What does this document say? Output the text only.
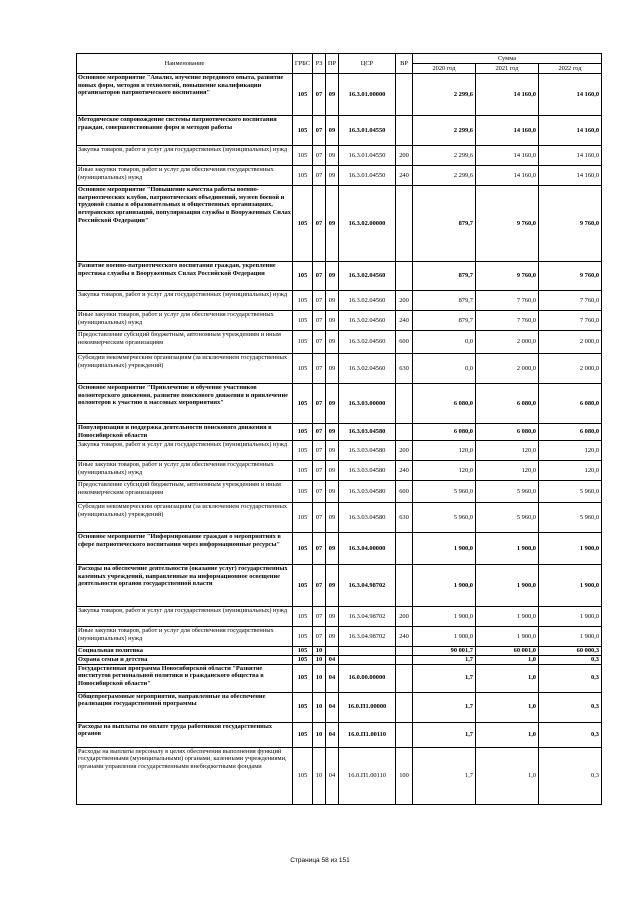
Наименование	ГРБС	РЗ	ПР	ЦСР	ВР	Сумма		
						2020 год	2021 год	2022 год
Основное мероприятие "Анализ, изучение передового опыта, развитие новых форм, методов и технологий, повышение квалификации организаторов патриотического воспитания"	105	07	09	16.3.01.00000		2 299,6	14 160,0	14 160,0
Методическое сопровождение системы патриотического воспитания граждан, совершенствование форм и методов работы	105	07	09	16.3.01.04550		2 299,6	14 160,0	14 160,0
Закупка товаров, работ и услуг для государственных (муниципальных) нужд	105	07	09	16.3.01.04550	200	2 299,6	14 160,0	14 160,0
Иные закупки товаров, работ и услуг для обеспечения государственных (муниципальных) нужд	105	07	09	16.3.01.04550	240	2 299,6	14 160,0	14 160,0
Основное мероприятие "Повышение качества работы военно-патриотических клубов, патриотических объединений, музеев боевой и трудовой славы в образовательных и общественных организациях, ветеранских организаций, популяризация службы в Вооруженных Силах Российской Федерации"	105	07	09	16.3.02.00000		879,7	9 760,0	9 760,0
Развитие военно-патриотического воспитания граждан, укрепление престижа службы в Вооруженных Силах Российской Федерации	105	07	09	16.3.02.04560		879,7	9 760,0	9 760,0
Закупка товаров, работ и услуг для государственных (муниципальных) нужд	105	07	09	16.3.02.04560	200	879,7	7 760,0	7 760,0
Иные закупки товаров, работ и услуг для обеспечения государственных (муниципальных) нужд	105	07	09	16.3.02.04560	240	879,7	7 760,0	7 760,0
Предоставление субсидий бюджетным, автономным учреждениям и иным некоммерческим организациям	105	07	09	16.3.02.04560	600	0,0	2 000,0	2 000,0
Субсидии некоммерческим организациям (за исключением государственных (муниципальных) учреждений)	105	07	09	16.3.02.04560	630	0,0	2 000,0	2 000,0
Основное мероприятие "Привлечение и обучение участников волонтерского движения, развитие поискового движения и привлечение волонтеров к участию в массовых мероприятиях"	105	07	09	16.3.03.00000		6 080,0	6 080,0	6 080,0
Популяризация и поддержка деятельности поискового движения в Новосибирской области	105	07	09	16.3.03.04580		6 080,0	6 080,0	6 080,0
Закупка товаров, работ и услуг для государственных (муниципальных) нужд	105	07	09	16.3.03.04580	200	120,0	120,0	120,0
Иные закупки товаров, работ и услуг для обеспечения государственных (муниципальных) нужд	105	07	09	16.3.03.04580	240	120,0	120,0	120,0
Предоставление субсидий бюджетным, автономным учреждениям и иным некоммерческим организациям	105	07	09	16.3.03.04580	600	5 960,0	5 960,0	5 960,0
Субсидии некоммерческим организациям (за исключением государственных (муниципальных) учреждений)	105	07	09	16.3.03.04580	630	5 960,0	5 960,0	5 960,0
Основное мероприятие "Информирование граждан о мероприятиях в сфере патриотического воспитания через информационные ресурсы"	105	07	09	16.3.04.00000		1 900,0	1 900,0	1 900,0
Расходы на обеспечение деятельности (оказание услуг) государственных казенных учреждений, направленные на информационное освещение деятельности органов государственной власти	105	07	09	16.3.04.98702		1 900,0	1 900,0	1 900,0
Закупка товаров, работ и услуг для государственных (муниципальных) нужд	105	07	09	16.3.04.98702	200	1 900,0	1 900,0	1 900,0
Иные закупки товаров, работ и услуг для обеспечения государственных (муниципальных) нужд	105	07	09	16.3.04.98702	240	1 900,0	1 900,0	1 900,0
Социальная политика	105	10				90 001,7	60 001,0	60 000,3
Охрана семьи и детства	105	10	04			1,7	1,0	0,3
Государственная программа Новосибирской области "Развитие институтов региональной политики и гражданского общества в Новосибирской области"	105	10	04	16.0.00.00000		1,7	1,0	0,3
Общепрограммные мероприятия, направленные на обеспечение реализации государственной программы	105	10	04	16.0.П1.00000		1,7	1,0	0,3
Расходы на выплаты по оплате труда работников государственных органов	105	10	04	16.0.П1.00110		1,7	1,0	0,3
Расходы на выплаты персоналу в целях обеспечения выполнения функций государственными (муниципальными) органами, казенными учреждениями, органами управления государственными внебюджетными фондами	105	10	04	16.0.П1.00110	100	1,7	1,0	0,3
Страница 58 из 151
